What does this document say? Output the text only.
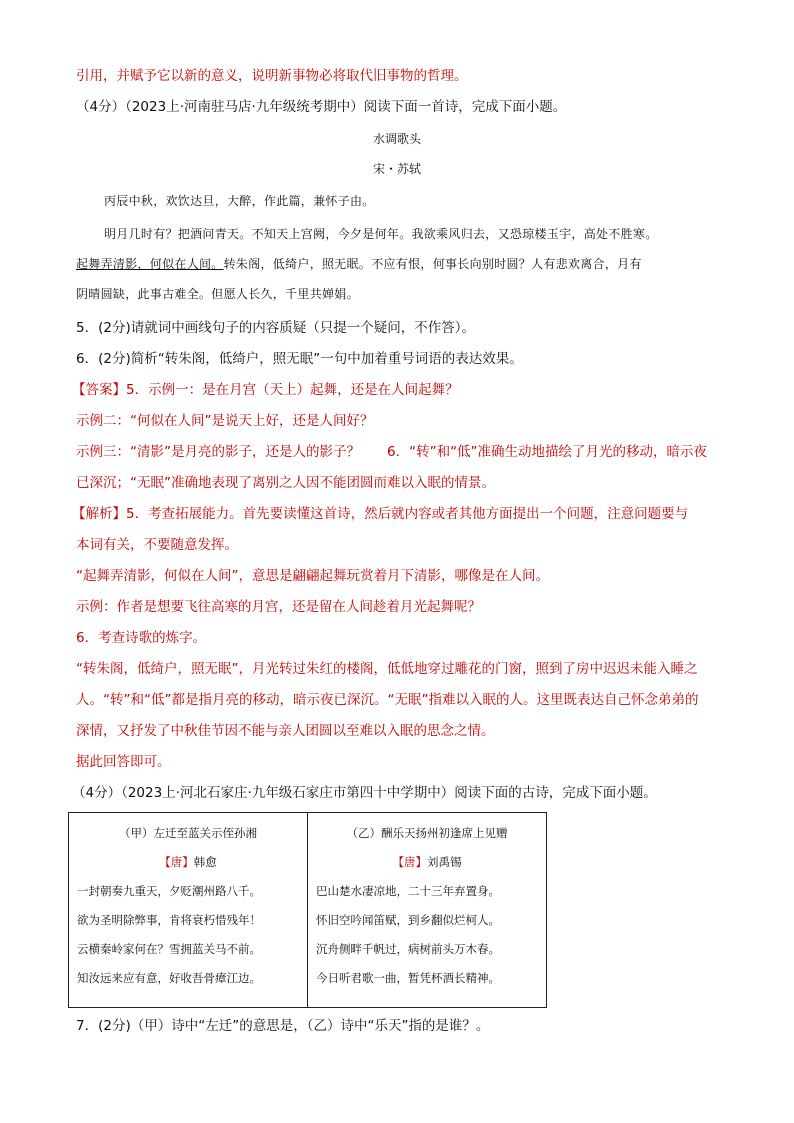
引用，并赋予它以新的意义，说明新事物必将取代旧事物的哲理。
（4分）（2023上·河南驻马店·九年级统考期中）阅读下面一首诗，完成下面小题。
水调歌头
宋・苏轼
丙辰中秋，欢饮达旦，大醉，作此篇，兼怀子由。
明月几时有？把酒问青天。不知天上宫阙，今夕是何年。我欲乘风归去，又恐琼楼玉宇，高处不胜寒。
起舞弄清影，何似在人间。转朱阁，低绮户，照无眠。不应有恨，何事长向别时圆？人有悲欢离合，月有
阴晴圆缺，此事古难全。但愿人长久，千里共婵娟。
5．(2分)请就词中画线句子的内容质疑（只提一个疑问，不作答）。
6．(2分)简析“转朱阁，低绮户，照无眠”一句中加着重号词语的表达效果。
【答案】5．示例一：是在月宫（天上）起舞，还是在人间起舞？
示例二：“何似在人间”是说天上好，还是人间好？
示例三：“清影”是月亮的影子，还是人的影子？　　6．“转”和“低”准确生动地描绘了月光的移动，暗示夜
已深沉；“无眠”准确地表现了离别之人因不能团圆而难以入眠的情景。
【解析】5．考查拓展能力。首先要读懂这首诗，然后就内容或者其他方面提出一个问题，注意问题要与
本词有关，不要随意发挥。
“起舞弄清影，何似在人间”，意思是翩翩起舞玩赏着月下清影，哪像是在人间。
示例：作者是想要飞往高寒的月宫，还是留在人间趁着月光起舞呢？
6．考查诗歌的炼字。
“转朱阁，低绮户，照无眠”，月光转过朱红的楼阁，低低地穿过雕花的门窗，照到了房中迟迟未能入睡之
人。“转”和“低”都是指月亮的移动，暗示夜已深沉。“无眠”指难以入眠的人。这里既表达自己怀念弟弟的
深情，又抒发了中秋佳节因不能与亲人团圆以至难以入眠的思念之情。
据此回答即可。
（4分）（2023上·河北石家庄·九年级石家庄市第四十中学期中）阅读下面的古诗，完成下面小题。
（甲）左迁至蓝关示侄孙湘
【唐】韩愈
一封朝奏九重天，夕贬潮州路八千。
欲为圣明除弊事，肯将衰朽惜残年！
云横秦岭家何在？雪拥蓝关马不前。
知汝远来应有意，好收吾骨瘴江边。

（乙）酬乐天扬州初逢席上见赠
【唐】刘禹锡
巴山楚水凄凉地，二十三年弃置身。
怀旧空吟闻笛赋，到乡翻似烂柯人。
沉舟侧畔千帆过，病树前头万木春。
今日听君歌一曲，暂凭杯酒长精神。
7．(2分)（甲）诗中“左迁”的意思是，（乙）诗中“乐天”指的是谁？。
